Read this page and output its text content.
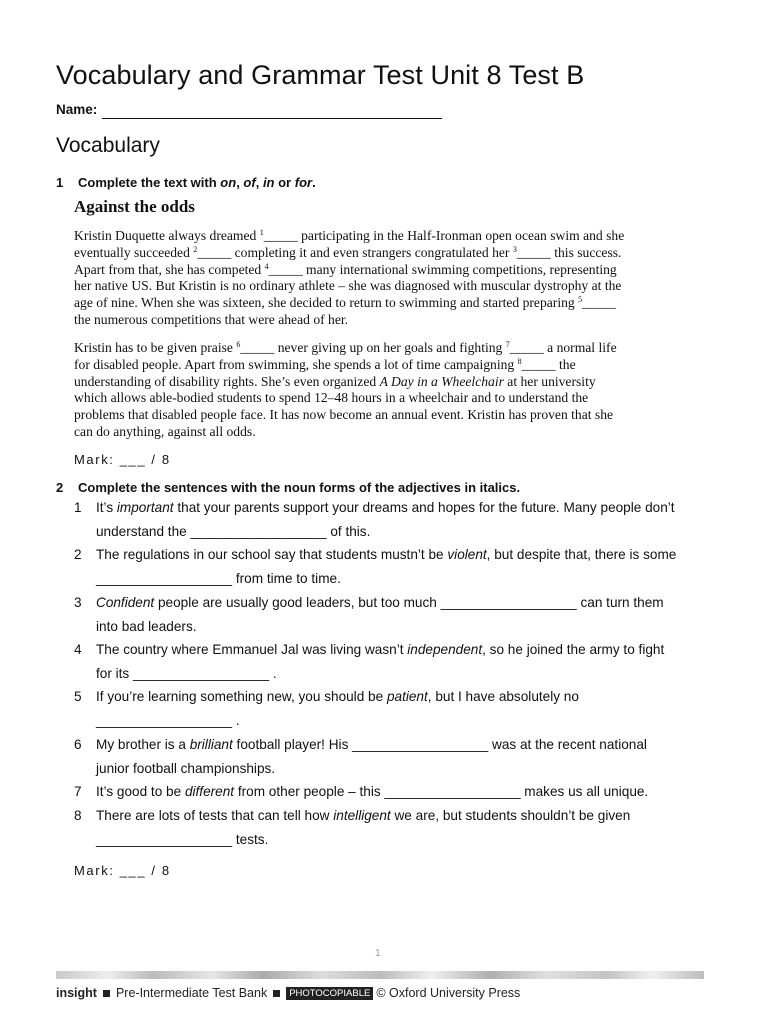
Vocabulary and Grammar Test Unit 8 Test B
Name:
Vocabulary
1 Complete the text with on, of, in or for.
Against the odds
Kristin Duquette always dreamed $^1$_____ participating in the Half-Ironman open ocean swim and she
eventually succeeded $^2$_____ completing it and even strangers congratulated her $^3$_____ this success.
Apart from that, she has competed $^4$_____ many international swimming competitions, representing
her native US. But Kristin is no ordinary athlete – she was diagnosed with muscular dystrophy at the
age of nine. When she was sixteen, she decided to return to swimming and started preparing $^5$_____
the numerous competitions that were ahead of her.
Kristin has to be given praise $^6$_____ never giving up on her goals and fighting $^7$_____ a normal life
for disabled people. Apart from swimming, she spends a lot of time campaigning $^8$_____ the
understanding of disability rights. She’s even organized A Day in a Wheelchair at her university
which allows able-bodied students to spend 12–48 hours in a wheelchair and to understand the
problems that disabled people face. It has now become an annual event. Kristin has proven that she
can do anything, against all odds.
Mark: ___ / 8
2 Complete the sentences with the noun forms of the adjectives in italics.
1	It’s important that your parents support your dreams and hopes for the future. Many people don’t
understand the __________________ of this.
2	The regulations in our school say that students mustn’t be violent, but despite that, there is some
__________________ from time to time.
3	Confident people are usually good leaders, but too much __________________ can turn them
into bad leaders.
4	The country where Emmanuel Jal was living wasn’t independent, so he joined the army to fight
for its __________________ .
5	If you’re learning something new, you should be patient, but I have absolutely no
__________________ .
6	My brother is a brilliant football player! His __________________ was at the recent national
junior football championships.
7	It’s good to be different from other people – this __________________ makes us all unique.
8	There are lots of tests that can tell how intelligent we are, but students shouldn’t be given
__________________ tests.
Mark: ___ / 8
1
insight Pre-Intermediate Test Bank PHOTOCOPIABLE © Oxford University Press
